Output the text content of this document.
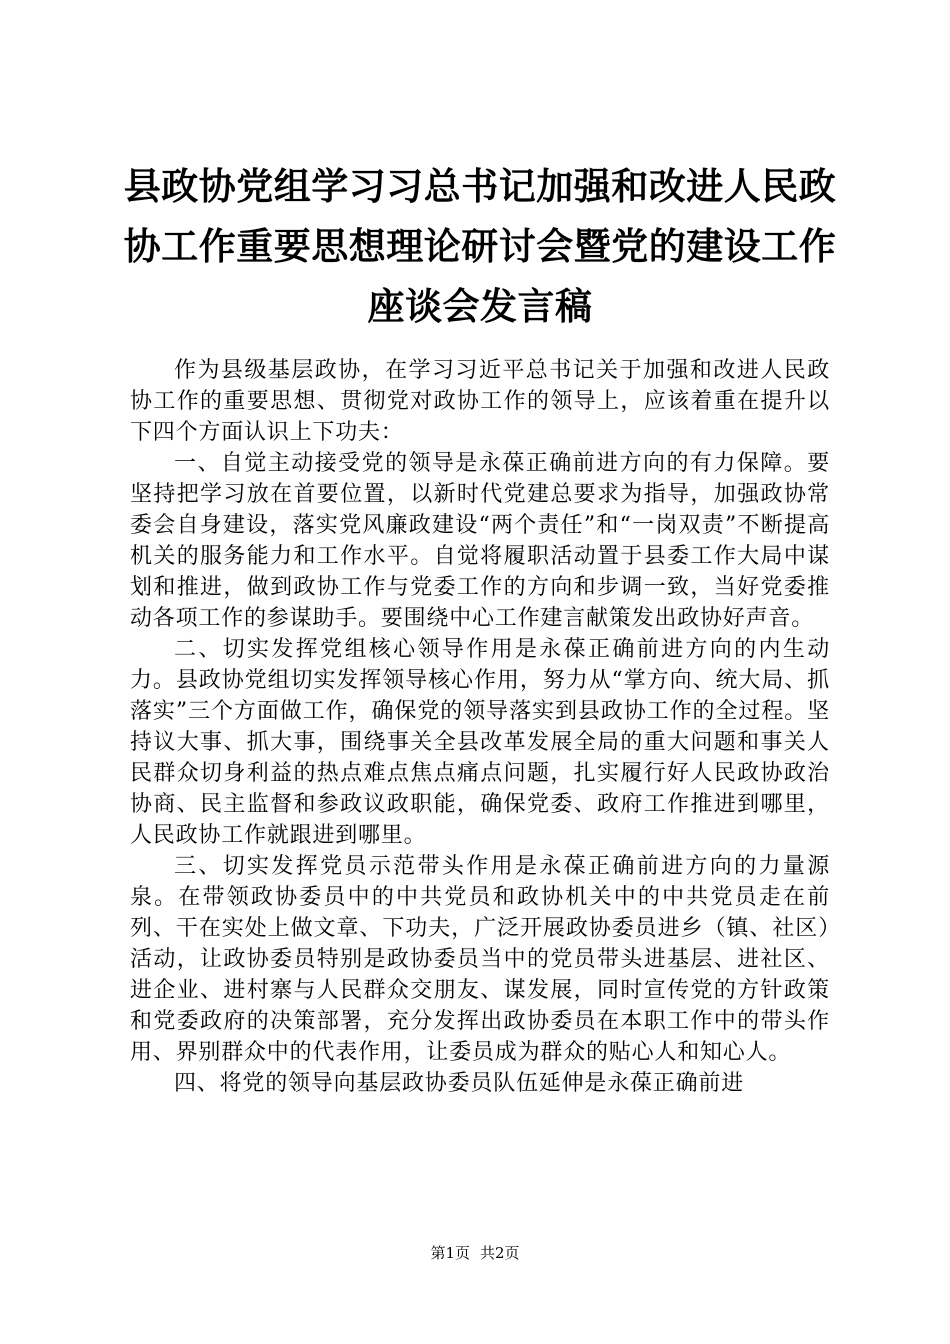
县政协党组学习习总书记加强和改进人民政协工作重要思想理论研讨会暨党的建设工作座谈会发言稿

作为县级基层政协，在学习习近平总书记关于加强和改进人民政协工作的重要思想、贯彻党对政协工作的领导上，应该着重在提升以下四个方面认识上下功夫：

一、自觉主动接受党的领导是永葆正确前进方向的有力保障。要坚持把学习放在首要位置，以新时代党建总要求为指导，加强政协常委会自身建设，落实党风廉政建设“两个责任”和“一岗双责”不断提高机关的服务能力和工作水平。自觉将履职活动置于县委工作大局中谋划和推进，做到政协工作与党委工作的方向和步调一致，当好党委推动各项工作的参谋助手。要围绕中心工作建言献策发出政协好声音。

二、切实发挥党组核心领导作用是永葆正确前进方向的内生动力。县政协党组切实发挥领导核心作用，努力从“掌方向、统大局、抓落实”三个方面做工作，确保党的领导落实到县政协工作的全过程。坚持议大事、抓大事，围绕事关全县改革发展全局的重大问题和事关人民群众切身利益的热点难点焦点痛点问题，扎实履行好人民政协政治协商、民主监督和参政议政职能，确保党委、政府工作推进到哪里，人民政协工作就跟进到哪里。

三、切实发挥党员示范带头作用是永葆正确前进方向的力量源泉。在带领政协委员中的中共党员和政协机关中的中共党员走在前列、干在实处上做文章、下功夫，广泛开展政协委员进乡（镇、社区）活动，让政协委员特别是政协委员当中的党员带头进基层、进社区、进企业、进村寨与人民群众交朋友、谋发展，同时宣传党的方针政策和党委政府的决策部署，充分发挥出政协委员在本职工作中的带头作用、界别群众中的代表作用，让委员成为群众的贴心人和知心人。

四、将党的领导向基层政协委员队伍延伸是永葆正确前进

第1页 共2页
